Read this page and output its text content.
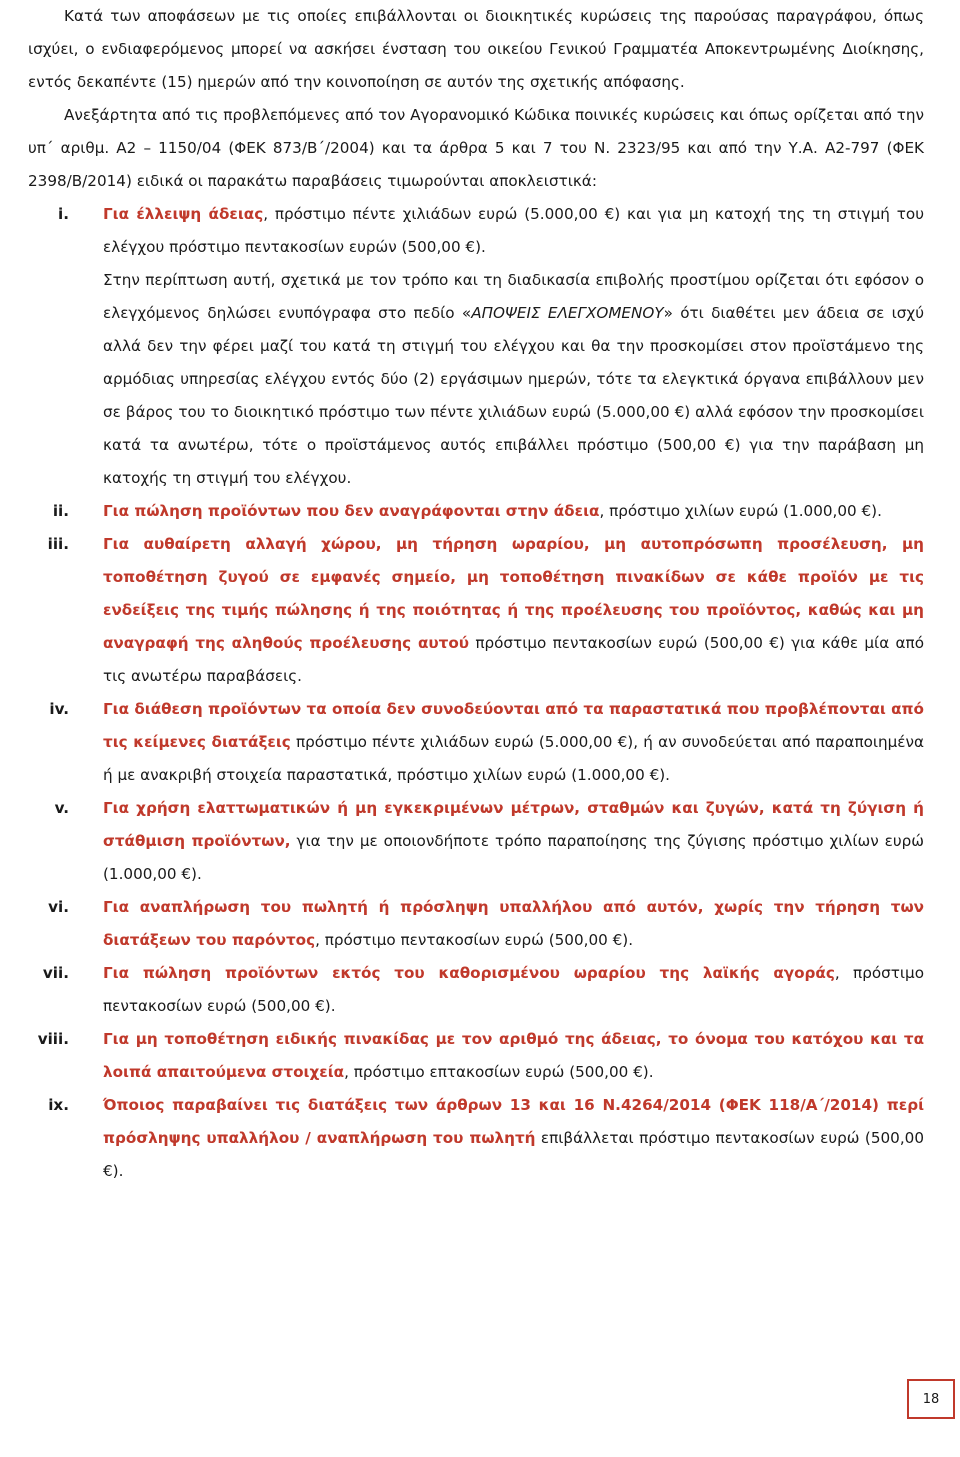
Κατά των αποφάσεων με τις οποίες επιβάλλονται οι διοικητικές κυρώσεις της παρούσας παραγράφου, όπως ισχύει, ο ενδιαφερόμενος μπορεί να ασκήσει ένσταση του οικείου Γενικού Γραμματέα Αποκεντρωμένης Διοίκησης, εντός δεκαπέντε (15) ημερών από την κοινοποίηση σε αυτόν της σχετικής απόφασης.

Ανεξάρτητα από τις προβλεπόμενες από τον Αγορανομικό Κώδικα ποινικές κυρώσεις και όπως ορίζεται από την υπ΄ αριθμ. Α2 – 1150/04 (ΦΕΚ 873/Β΄/2004) και τα άρθρα 5 και 7 του Ν. 2323/95 και από την Υ.Α. Α2-797 (ΦΕΚ 2398/Β/2014) ειδικά οι παρακάτω παραβάσεις τιμωρούνται αποκλειστικά:

i.	Για έλλειψη άδειας, πρόστιμο πέντε χιλιάδων ευρώ (5.000,00 €) και για μη κατοχή της τη στιγμή του ελέγχου πρόστιμο πεντακοσίων ευρών (500,00 €).
Στην περίπτωση αυτή, σχετικά με τον τρόπο και τη διαδικασία επιβολής προστίμου ορίζεται ότι εφόσον ο ελεγχόμενος δηλώσει ενυπόγραφα στο πεδίο «ΑΠΟΨΕΙΣ ΕΛΕΓΧΟΜΕΝΟΥ» ότι διαθέτει μεν άδεια σε ισχύ αλλά δεν την φέρει μαζί του κατά τη στιγμή του ελέγχου και θα την προσκομίσει στον προϊστάμενο της αρμόδιας υπηρεσίας ελέγχου εντός δύο (2) εργάσιμων ημερών, τότε τα ελεγκτικά όργανα επιβάλλουν μεν σε βάρος του το διοικητικό πρόστιμο των πέντε χιλιάδων ευρώ (5.000,00 €) αλλά εφόσον την προσκομίσει κατά τα ανωτέρω, τότε ο προϊστάμενος αυτός επιβάλλει πρόστιμο (500,00 €) για την παράβαση μη κατοχής τη στιγμή του ελέγχου.
ii.	Για πώληση προϊόντων που δεν αναγράφονται στην άδεια, πρόστιμο χιλίων ευρώ (1.000,00 €).
iii.	Για αυθαίρετη αλλαγή χώρου, μη τήρηση ωραρίου, μη αυτοπρόσωπη προσέλευση, μη τοποθέτηση ζυγού σε εμφανές σημείο, μη τοποθέτηση πινακίδων σε κάθε προϊόν με τις ενδείξεις της τιμής πώλησης ή της ποιότητας ή της προέλευσης του προϊόντος, καθώς και μη αναγραφή της αληθούς προέλευσης αυτού πρόστιμο πεντακοσίων ευρώ (500,00 €) για κάθε μία από τις ανωτέρω παραβάσεις.
iv.	Για διάθεση προϊόντων τα οποία δεν συνοδεύονται από τα παραστατικά που προβλέπονται από τις κείμενες διατάξεις πρόστιμο πέντε χιλιάδων ευρώ (5.000,00 €), ή αν συνοδεύεται από παραποιημένα ή με ανακριβή στοιχεία παραστατικά, πρόστιμο χιλίων ευρώ (1.000,00 €).
v.	Για χρήση ελαττωματικών ή μη εγκεκριμένων μέτρων, σταθμών και ζυγών, κατά τη ζύγιση ή στάθμιση προϊόντων, για την με οποιονδήποτε τρόπο παραποίησης της ζύγισης πρόστιμο χιλίων ευρώ (1.000,00 €).
vi.	Για αναπλήρωση του πωλητή ή πρόσληψη υπαλλήλου από αυτόν, χωρίς την τήρηση των διατάξεων του παρόντος, πρόστιμο πεντακοσίων ευρώ (500,00 €).
vii.	Για πώληση προϊόντων εκτός του καθορισμένου ωραρίου της λαϊκής αγοράς, πρόστιμο πεντακοσίων ευρώ (500,00 €).
viii.	Για μη τοποθέτηση ειδικής πινακίδας με τον αριθμό της άδειας, το όνομα του κατόχου και τα λοιπά απαιτούμενα στοιχεία, πρόστιμο επτακοσίων ευρώ (500,00 €).
ix.	Όποιος παραβαίνει τις διατάξεις των άρθρων 13 και 16 Ν.4264/2014 (ΦΕΚ 118/Α΄/2014) περί πρόσληψης υπαλλήλου / αναπλήρωση του πωλητή επιβάλλεται πρόστιμο πεντακοσίων ευρώ (500,00 €).
18
